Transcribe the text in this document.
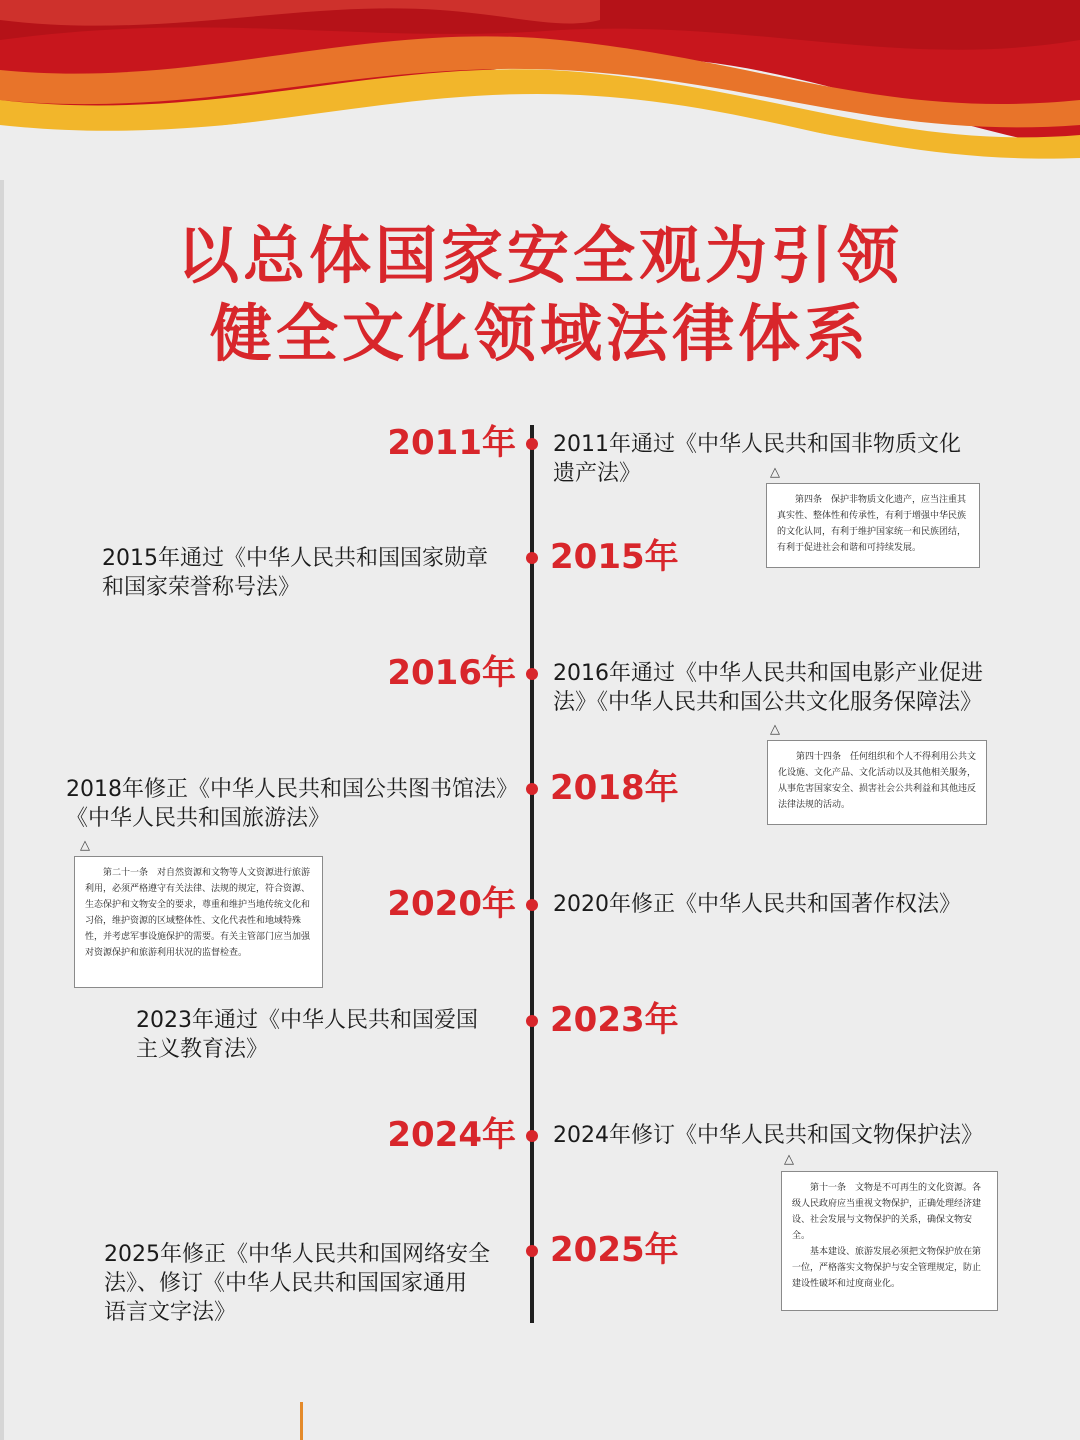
以总体国家安全观为引领
健全文化领域法律体系
2011年 2011年通过《中华人民共和国非物质文化
遗产法》	△

第四条　保护非物质文化遗产，应当注重其真实性、整体性和传承性，有利于增强中华民族的文化认同，有利于维护国家统一和民族团结，有利于促进社会和谐和可持续发展。

2015年
2015年通过《中华人民共和国国家勋章
和国家荣誉称号法》
2016年 2016年通过《中华人民共和国电影产业促进
法》《中华人民共和国公共文化服务保障法》
△

第四十四条　任何组织和个人不得利用公共文化设施、文化产品、文化活动以及其他相关服务，从事危害国家安全、损害社会公共利益和其他违反法律法规的活动。

2018年
2018年修正《中华人民共和国公共图书馆法》
《中华人民共和国旅游法》
△

第二十一条　对自然资源和文物等人文资源进行旅游利用，必须严格遵守有关法律、法规的规定，符合资源、生态保护和文物安全的要求，尊重和维护当地传统文化和习俗，维护资源的区域整体性、文化代表性和地域特殊性，并考虑军事设施保护的需要。有关主管部门应当加强对资源保护和旅游利用状况的监督检查。

2020年 2020年修正《中华人民共和国著作权法》
2023年
2023年通过《中华人民共和国爱国
主义教育法》
2024年 2024年修订《中华人民共和国文物保护法》
△

第十一条　文物是不可再生的文化资源。各级人民政府应当重视文物保护，正确处理经济建设、社会发展与文物保护的关系，确保文物安全。

基本建设、旅游发展必须把文物保护放在第一位，严格落实文物保护与安全管理规定，防止建设性破坏和过度商业化。

2025年
2025年修正《中华人民共和国网络安全
法》、修订《中华人民共和国国家通用
语言文字法》
